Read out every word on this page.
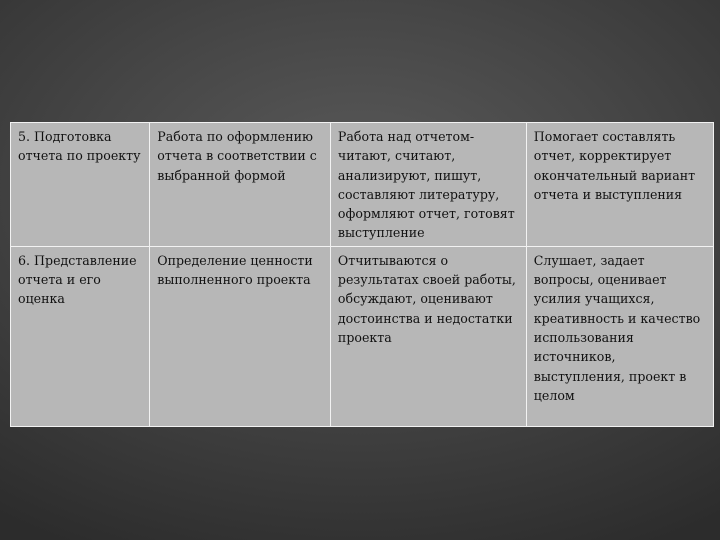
5. Подготовка отчета по проекту	Работа по оформлению отчета в соответствии с выбранной формой	Работа над отчетом- читают, считают, анализируют, пишут, составляют литературу, оформляют отчет, готовят выступление	Помогает составлять отчет, корректирует окончательный вариант отчета и выступления

6. Представление отчета и его оценка	Определение ценности выполненного проекта	Отчитываются о результатах своей работы, обсуждают, оценивают достоинства и недостатки проекта	Слушает, задает вопросы, оценивает усилия учащихся, креативность и качество использования источников, выступления, проект в целом
